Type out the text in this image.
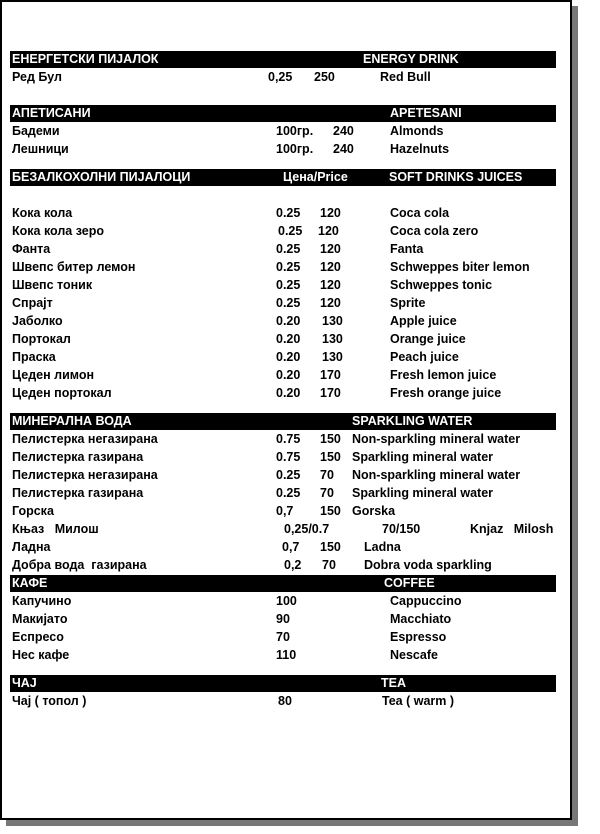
ЕНЕРГЕТСКИ ПИЈАЛОК	ENERGY DRINK
Ред Бул	0,25 250	Red Bull
АПЕТИСАНИ	APETESANI
Бадеми	100гр. 240	Almonds
Лешници	100гр. 240	Hazelnuts
БЕЗАЛКОХОЛНИ ПИЈАЛОЦИ	Цена/Price	SOFT DRINKS JUICES
Кока кола	0.25 120	Coca cola
Кока кола зеро	0.25 120	Coca cola zero
Фанта	0.25 120	Fanta
Швепс битер лемон	0.25 120	Schweppes biter lemon
Швепс тоник	0.25 120	Schweppes tonic
Спрајт	0.25 120	Sprite
Јаболко	0.20 130	Apple juice
Портокал	0.20 130	Orange juice
Праска	0.20 130	Peach juice
Цеден лимон	0.20 170	Fresh lemon juice
Цеден портокал	0.20 170	Fresh orange juice
МИНЕРАЛНА ВОДА	SPARKLING WATER
Пелистерка негазирана	0.75 150 Non-sparkling mineral water
Пелистерка газирана	0.75 150 Sparkling mineral water
Пелистерка негазирана	0.25 70 Non-sparkling mineral water
Пелистерка газирана	0.25 70 Sparkling mineral water
Горска	0,7 150 Gorska
Књаз   Милош	0,25/0.7	70/150	Knjaz   Milosh
Ладна	0,7 150 Ladna
Добра вода  газирана	0,2 70 Dobra voda sparkling
КАФЕ	COFFEE
Капучино	100	Cappuccino
Макијато	90	Macchiato
Еспресо	70	Espresso
Нес кафе	110	Nescafe
ЧАЈ	TEA
Чај ( топол )	80	Tea ( warm )
